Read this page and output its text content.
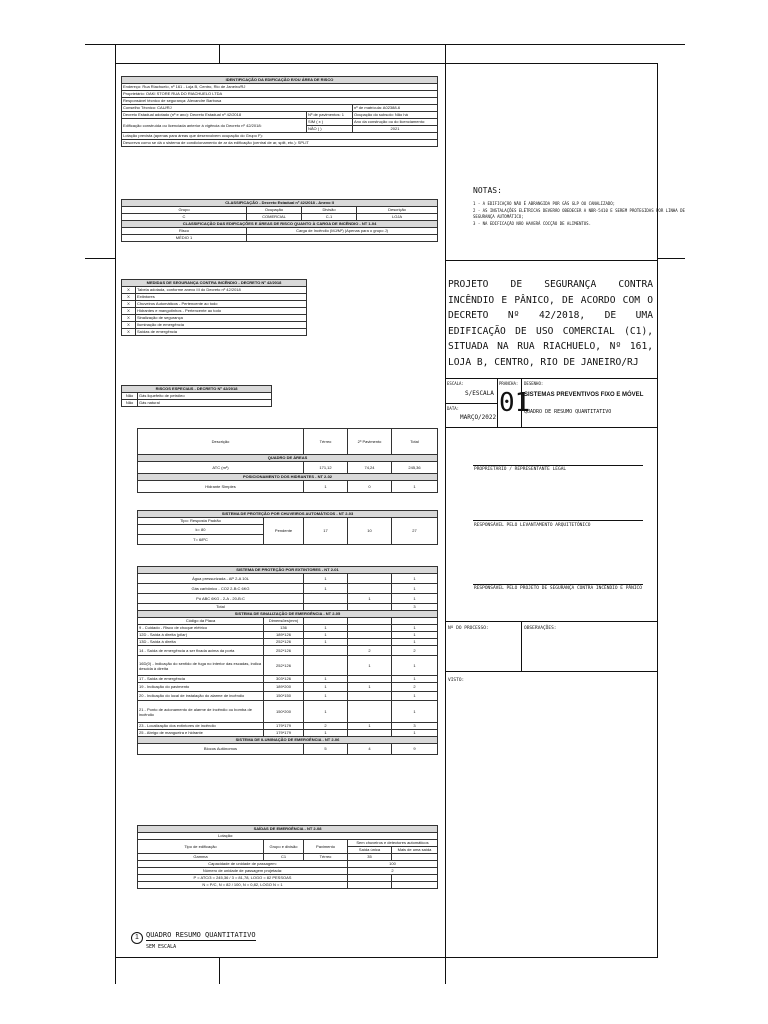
IDENTIFICAÇÃO DA EDIFICAÇÃO E/OU ÁREA DE RISCO		
Endereço: Rua Riachuelo, nº 161 - Loja B, Centro, Rio de Janeiro/RJ		
Proprietário: OAKI STORE RUA DO RIACHUELO LTDA		
Responsável técnico de segurança: Alexandre Barbosa		
Conselho Técnico: CAU/RJ		nº de matrícula: A02388-6
Decreto Estadual adotado (nº e ano): Decreto Estadual nº 42/2018	Nº de pavimentos: 1	Ocupação do subsolo: Não há
Edificação construída ou licenciada anterior à vigência do Decreto nº 42/2018:	SIM ( x )	Ano da construção ou do licenciamento:
	NÃO ( )	2021
Lotação prevista (apenas para áreas que desenvolvem ocupação do Grupo F):		
Descreva como se dá o sistema de condicionamento de ar da edificação (central de ar, split, etc.): SPLIT		
CLASSIFICAÇÃO - Decreto Estadual nº 42/2018 - Anexo II			
Grupo	Ocupação	Divisão	Descrição
C	COMERCIAL	C-1	LOJA
CLASSIFICAÇÃO DAS EDIFICAÇÕES E ÁREAS DE RISCO QUANTO À CARGA DE INCÊNDIO - NT 1-04			
Risco	Carga de Incêndio (MJ/M²) (Apenas para o grupo J)		
MÉDIO 1			
MEDIDAS DE SEGURANÇA CONTRA INCÊNDIO - DECRETO Nº 42/2018	
X	Tabela adotada, conforme anexo III do Decreto nº 42/2018
X	Extintores
X	Chuveiros Automáticos - Pertencente ao todo
X	Hidrantes e mangotinhos - Pertencente ao todo
X	Sinalização de segurança
X	Iluminação de emergência
X	Saídas de emergência
RISCOS ESPECIAIS - DECRETO Nº 42/2018	
Não	Gás liquefeito de petróleo
Não	Gás natural
Descrição	Térreo	2º Pavimento	Total
QUADRO DE ÁREAS			
ATC (m²)	171,12	74,24	245,36
POSICIONAMENTO DOS HIDRANTES - NT 2-02			
Hidrante Simples	1	0	1
SISTEMA DE PROTEÇÃO POR CHUVEIROS AUTOMÁTICOS - NT 2-03
Tipo: Resposta Padrão	Pendente	17	10	27
k= 80
T= 68ºC
SISTEMA DE PROTEÇÃO POR EXTINTORES - NT 2-01				
Água pressurizada - AP 2-A 10L		1		1
Gás carbônico - CO2 2-B:C 6KG		1		1
Pó ABC 6KG - 2-A - 20-B:C			1	1
Total				3
SISTEMA DE SINALIZAÇÃO DE EMERGÊNCIA - NT 2-05				
Código da Placa	Dimensões(mm)			
9 - Cuidado - Risco de choque elétrico	136	1		1
12D - Saída à direita (pilar)	189*126	1		1
13D - Saída à direita	252*126	1		1
14 - Saída de emergência a ser fixada acima da porta	252*126		2	2
16D(0) - Indicação do sentido de fuga no interior das escadas, indica descida à direita	252*126		1	1
17 - Saída de emergência	303*126	1		1
19 - Indicação do pavimento	189*200	1	1	2
20 - Indicação do local de instalação do alarme de incêndio	150*150	1		1
21 - Ponto de acionamento de alarme de incêndio ou bomba de incêndio	150*200	1		1
23 - Localização dos extintores de incêndio	179*179	2	1	3
25 - Abrigo de mangueira e hidrante	179*179	1		1
SISTEMA DE ILUMINAÇÃO DE EMERGÊNCIA - NT 2-06				
Blocos Autônomos		5	4	9
SAÍDAS DE EMERGÊNCIA - NT 2-08				
Lotação:				
Tipo de edificação	Grupo e divisão	Pavimento	Sem chuveiros e detectores automáticos	
			Saída única	Mais de uma saída
Gamma	C1	Térreo	35	
Capacidade de unidade de passagem:			100	
Número de unidade de passagem projetada:			2	
P = ATC/3 = 245,36 / 3 = 81,78, LOGO = 82 PESSOAS				
N = P/C, N = 82 / 100, N = 0,82, LOGO N = 1				
1	QUADRO RESUMO QUANTITATIVO
SEM ESCALA
NOTAS:
1 - A EDIFICAÇÃO NÃO É ABRANGIDA POR GÁS GLP OU CANALIZADO;
2 - AS INSTALAÇÕES ELÉTRICAS DEVERÃO OBEDECER A NBR-5410 E SEREM PROTEGIDAS POR LINHA DE
SEGURANÇA AUTOMÁTICO;
3 - NA EDIFICAÇÃO NÃO HAVERÁ COCÇÃO DE ALIMENTOS.
PROJETO DE SEGURANÇA CONTRA INCÊNDIO E PÂNICO, DE ACORDO COM O DECRETO Nº 42/2018, DE UMA EDIFICAÇÃO DE USO COMERCIAL (C1), SITUADA NA RUA RIACHUELO, Nº 161, LOJA B, CENTRO, RIO DE JANEIRO/RJ
ESCALA:
S/ESCALA
DATA:
MARÇO/2022
PRANCHA:
01
DESENHO:
SISTEMAS PREVENTIVOS FIXO E MÓVEL
QUADRO DE RESUMO QUANTITATIVO
PROPRIETÁRIO / REPRESENTANTE LEGAL
RESPONSÁVEL PELO LEVANTAMENTO ARQUITETÔNICO
RESPONSÁVEL PELO PROJETO DE SEGURANÇA CONTRA INCÊNDIO E PÂNICO
Nº DO PROCESSO:	OBSERVAÇÕES:
VISTO:
